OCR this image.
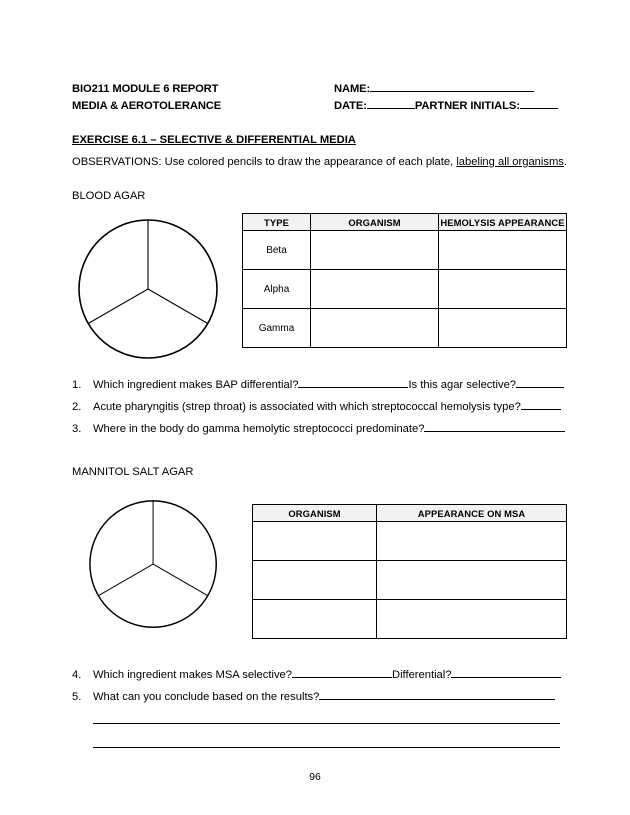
BIO211 MODULE 6 REPORT	NAME:
MEDIA & AEROTOLERANCE	DATE:	PARTNER INITIALS:
EXERCISE 6.1 – SELECTIVE & DIFFERENTIAL MEDIA
OBSERVATIONS: Use colored pencils to draw the appearance of each plate, labeling all organisms.
BLOOD AGAR
TYPE	ORGANISM	HEMOLYSIS APPEARANCE
Beta		
Alpha		
Gamma		
1.	Which ingredient makes BAP differential?	Is this agar selective?
2.	Acute pharyngitis (strep throat) is associated with which streptococcal hemolysis type?
3.	Where in the body do gamma hemolytic streptococci predominate?
MANNITOL SALT AGAR
ORGANISM	APPEARANCE ON MSA

4.	Which ingredient makes MSA selective?	Differential?
5.	What can you conclude based on the results?
96
